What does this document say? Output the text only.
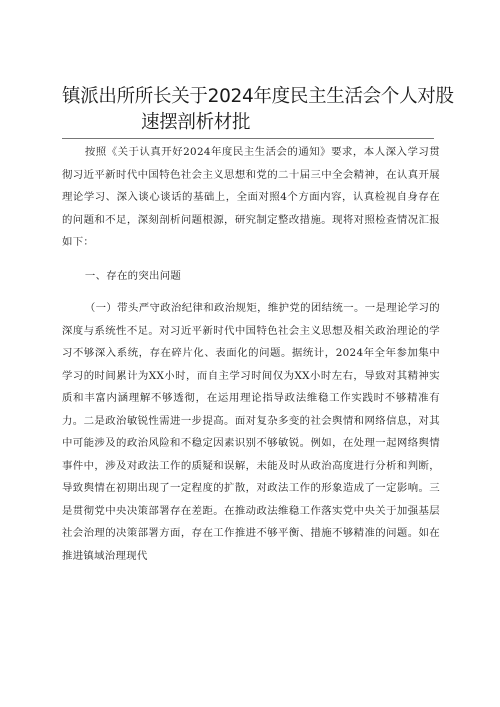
镇派出所所长关于2024年度民主生活会个人对股
速摆剖析材批

按照《关于认真开好2024年度民主生活会的通知》要求，本人深入学习贯彻习近平新时代中国特色社会主义思想和党的二十届三中全会精神，在认真开展理论学习、深入谈心谈话的基础上，全面对照4个方面内容，认真检视自身存在的问题和不足，深刻剖析问题根源，研究制定整改措施。现将对照检查情况汇报如下：

一、存在的突出问题

（一）带头严守政治纪律和政治规矩，维护党的团结统一。一是理论学习的深度与系统性不足。对习近平新时代中国特色社会主义思想及相关政治理论的学习不够深入系统，存在碎片化、表面化的问题。据统计，2024年全年参加集中学习的时间累计为XX小时，而自主学习时间仅为XX小时左右，导致对其精神实质和丰富内涵理解不够透彻，在运用理论指导政法维稳工作实践时不够精准有力。二是政治敏锐性需进一步提高。面对复杂多变的社会舆情和网络信息，对其中可能涉及的政治风险和不稳定因素识别不够敏锐。例如，在处理一起网络舆情事件中，涉及对政法工作的质疑和误解，未能及时从政治高度进行分析和判断，导致舆情在初期出现了一定程度的扩散，对政法工作的形象造成了一定影响。三是贯彻党中央决策部署存在差距。在推动政法维稳工作落实党中央关于加强基层社会治理的决策部署方面，存在工作推进不够平衡、措施不够精准的问题。如在推进镇域治理现代
